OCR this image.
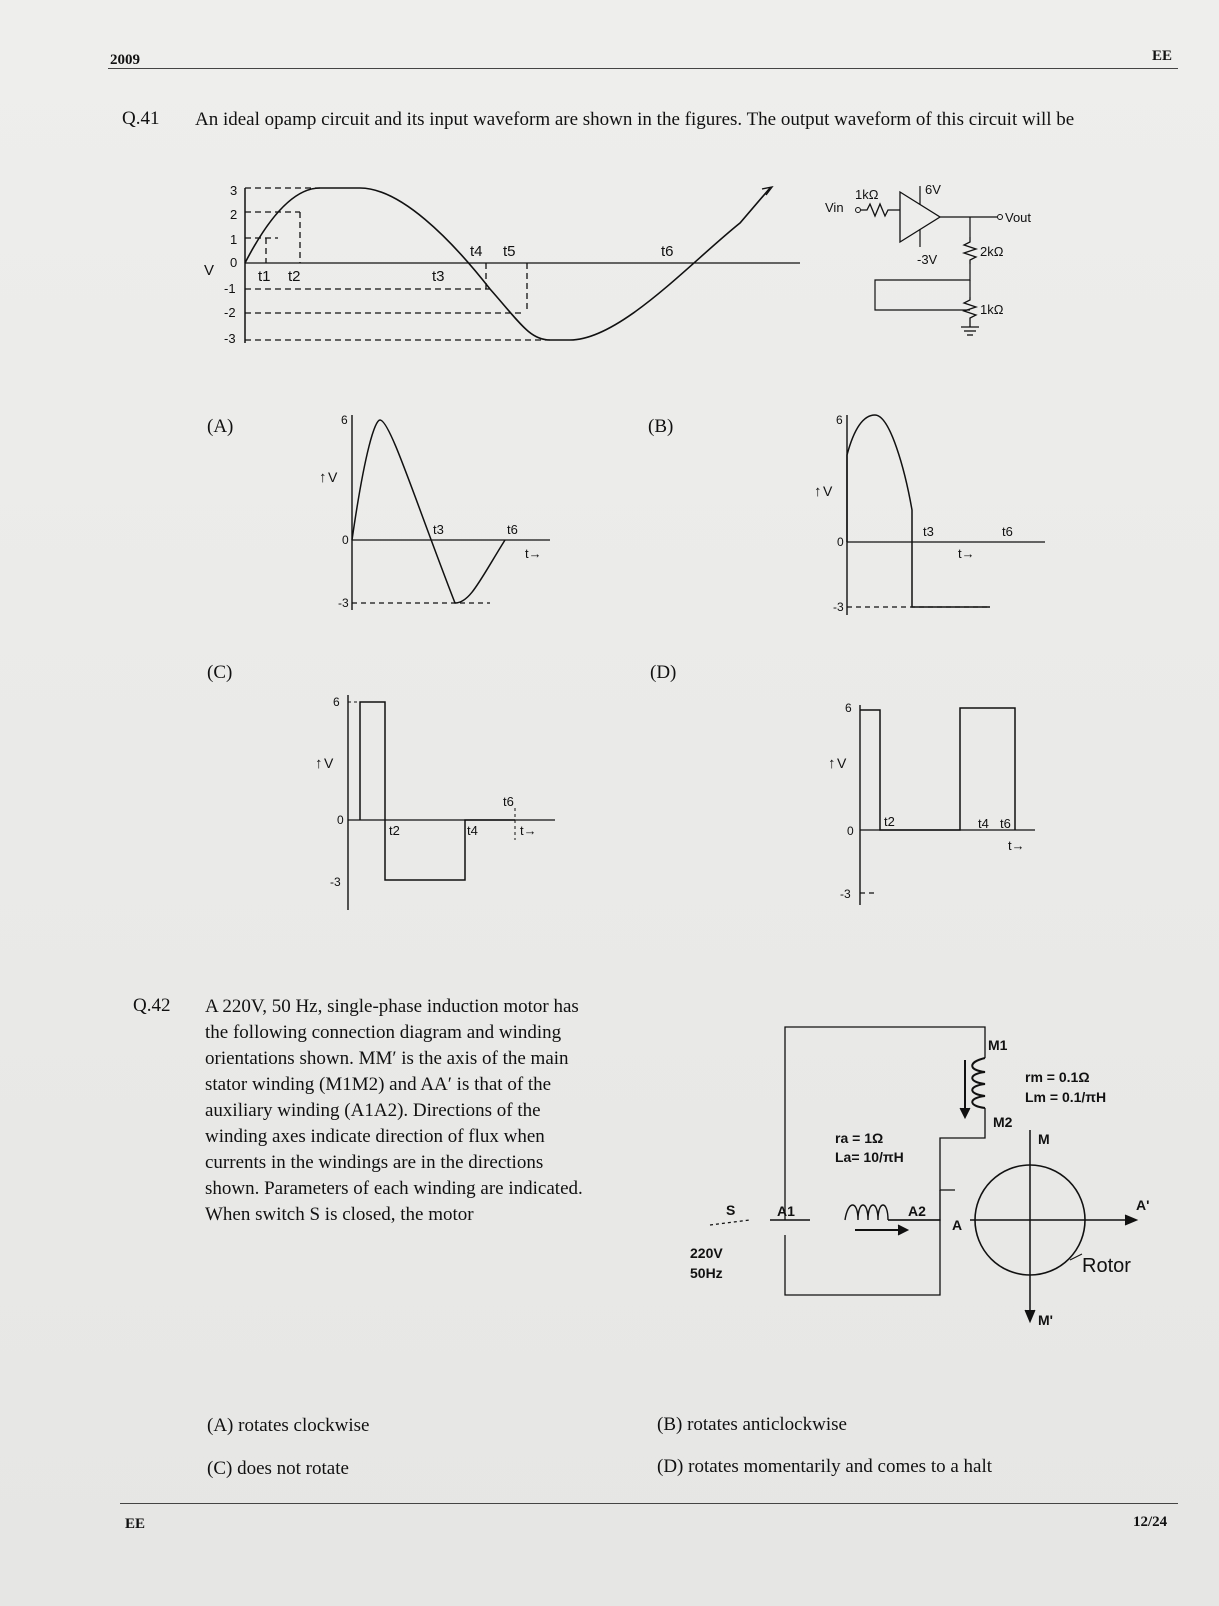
2009	EE
Q.41 An ideal opamp circuit and its input waveform are shown in the figures. The output waveform of this circuit will be
V
3
2
1
0
-1
-2
-3
t1 t2	t3
t4 t5	t6
1kΩ
Vin
6V
-3V
Vout
2kΩ
1kΩ
(A)	6
↑ V
0
-3
t3	t6
t→
(B)	6
↑ V
0
-3
t3	t6
t→
(C)
6
↑ V
0
-3
t2	t4
t6
t→
(D)
6
↑ V
0
-3
t2	t4 t6
t→
Q.42 A 220V, 50 Hz, single-phase induction motor has
the following connection diagram and winding
orientations shown. MM′ is the axis of the main
stator winding (M1M2) and AA′ is that of the
auxiliary winding (A1A2). Directions of the
winding axes indicate direction of flux when
currents in the windings are in the directions
shown. Parameters of each winding are indicated.
When switch S is closed, the motor
M1
rm = 0.1Ω
Lm = 0.1/πH
M2
ra = 1Ω
La= 10/πH
S	A1	A2
220V
50Hz
M
M'
A
A'
Rotor
(A) rotates clockwise	(B) rotates anticlockwise
(C) does not rotate	(D) rotates momentarily and comes to a halt
EE	12/24
